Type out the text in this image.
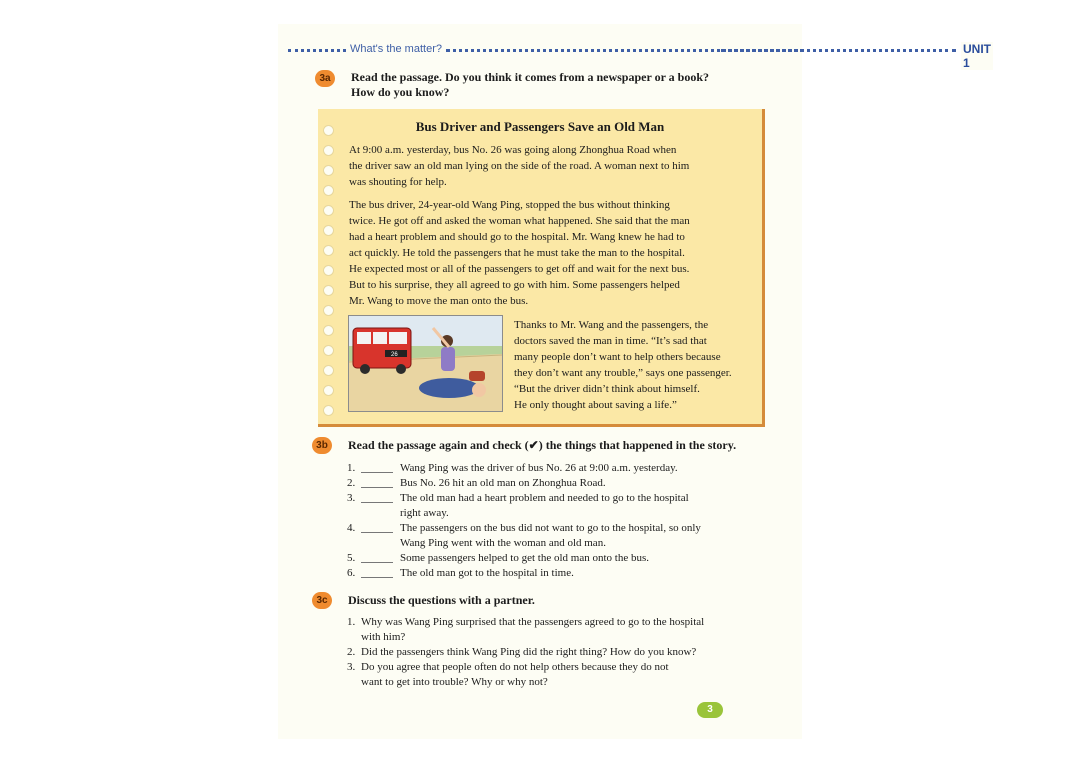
What's the matter?	UNIT 1
3a	Read the passage. Do you think it comes from a newspaper or a book?
How do you know?
Bus Driver and Passengers Save an Old Man
At 9:00 a.m. yesterday, bus No. 26 was going along Zhonghua Road when
the driver saw an old man lying on the side of the road. A woman next to him
was shouting for help.
The bus driver, 24-year-old Wang Ping, stopped the bus without thinking
twice. He got off and asked the woman what happened. She said that the man
had a heart problem and should go to the hospital. Mr. Wang knew he had to
act quickly. He told the passengers that he must take the man to the hospital.
He expected most or all of the passengers to get off and wait for the next bus.
But to his surprise, they all agreed to go with him. Some passengers helped
Mr. Wang to move the man onto the bus.
26
Thanks to Mr. Wang and the passengers, the
doctors saved the man in time. “It’s sad that
many people don’t want to help others because
they don’t want any trouble,” says one passenger.
“But the driver didn’t think about himself.
He only thought about saving a life.”
3b	Read the passage again and check (✔) the things that happened in the story.
1.	Wang Ping was the driver of bus No. 26 at 9:00 a.m. yesterday.
2.	Bus No. 26 hit an old man on Zhonghua Road.
3.	The old man had a heart problem and needed to go to the hospital
right away.
4.	The passengers on the bus did not want to go to the hospital, so only
Wang Ping went with the woman and old man.
5.	Some passengers helped to get the old man onto the bus.
6.	The old man got to the hospital in time.
3c	Discuss the questions with a partner.
1. Why was Wang Ping surprised that the passengers agreed to go to the hospital
with him?
2. Did the passengers think Wang Ping did the right thing? How do you know?
3. Do you agree that people often do not help others because they do not
want to get into trouble? Why or why not?
3
